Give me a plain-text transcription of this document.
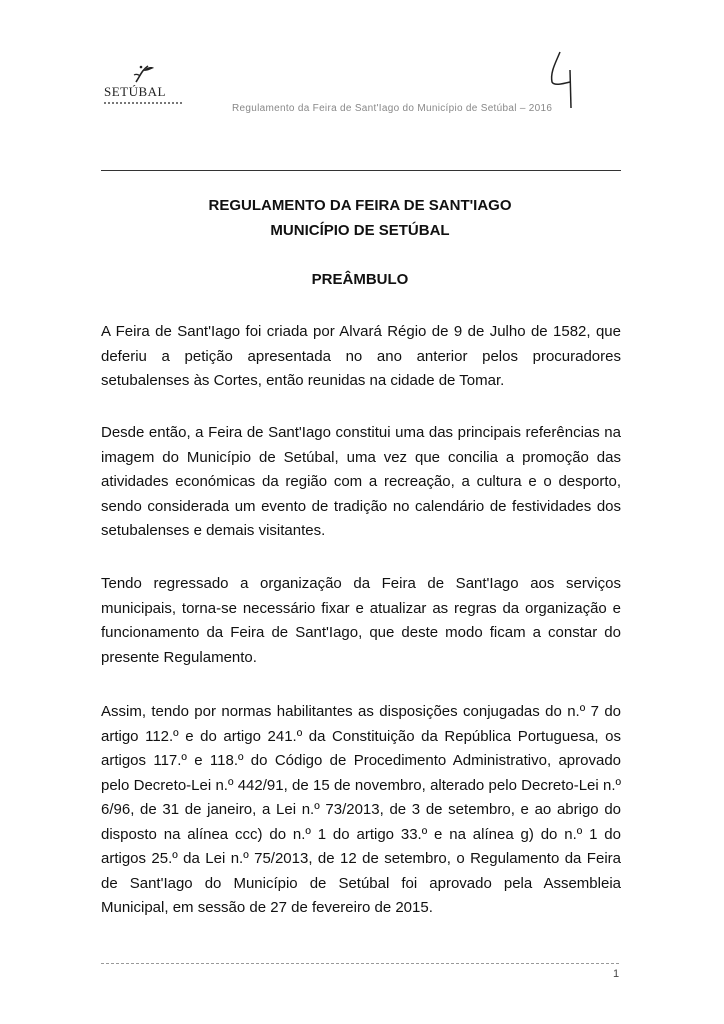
SETÚBAL
Regulamento da Feira de Sant'Iago do Município de Setúbal – 2016
REGULAMENTO DA FEIRA DE SANT'IAGO
MUNICÍPIO DE SETÚBAL
PREÂMBULO
A Feira de Sant'Iago foi criada por Alvará Régio de 9 de Julho de 1582, que deferiu a petição apresentada no ano anterior pelos procuradores setubalenses às Cortes, então reunidas na cidade de Tomar.
Desde então, a Feira de Sant'Iago constitui uma das principais referências na imagem do Município de Setúbal, uma vez que concilia a promoção das atividades económicas da região com a recreação, a cultura e o desporto, sendo considerada um evento de tradição no calendário de festividades dos setubalenses e demais visitantes.
Tendo regressado a organização da Feira de Sant'Iago aos serviços municipais, torna-se necessário fixar e atualizar as regras da organização e funcionamento da Feira de Sant'Iago, que deste modo ficam a constar do presente Regulamento.
Assim, tendo por normas habilitantes as disposições conjugadas do n.º 7 do artigo 112.º e do artigo 241.º da Constituição da República Portuguesa, os artigos 117.º e 118.º do Código de Procedimento Administrativo, aprovado pelo Decreto-Lei n.º 442/91, de 15 de novembro, alterado pelo Decreto-Lei n.º 6/96, de 31 de janeiro, a Lei n.º 73/2013, de 3 de setembro, e ao abrigo do disposto na alínea ccc) do n.º 1 do artigo 33.º e na alínea g) do n.º 1 do artigos 25.º da Lei n.º 75/2013, de 12 de setembro, o Regulamento da Feira de Sant'Iago do Município de Setúbal foi aprovado pela Assembleia Municipal, em sessão de 27 de fevereiro de 2015.
1
